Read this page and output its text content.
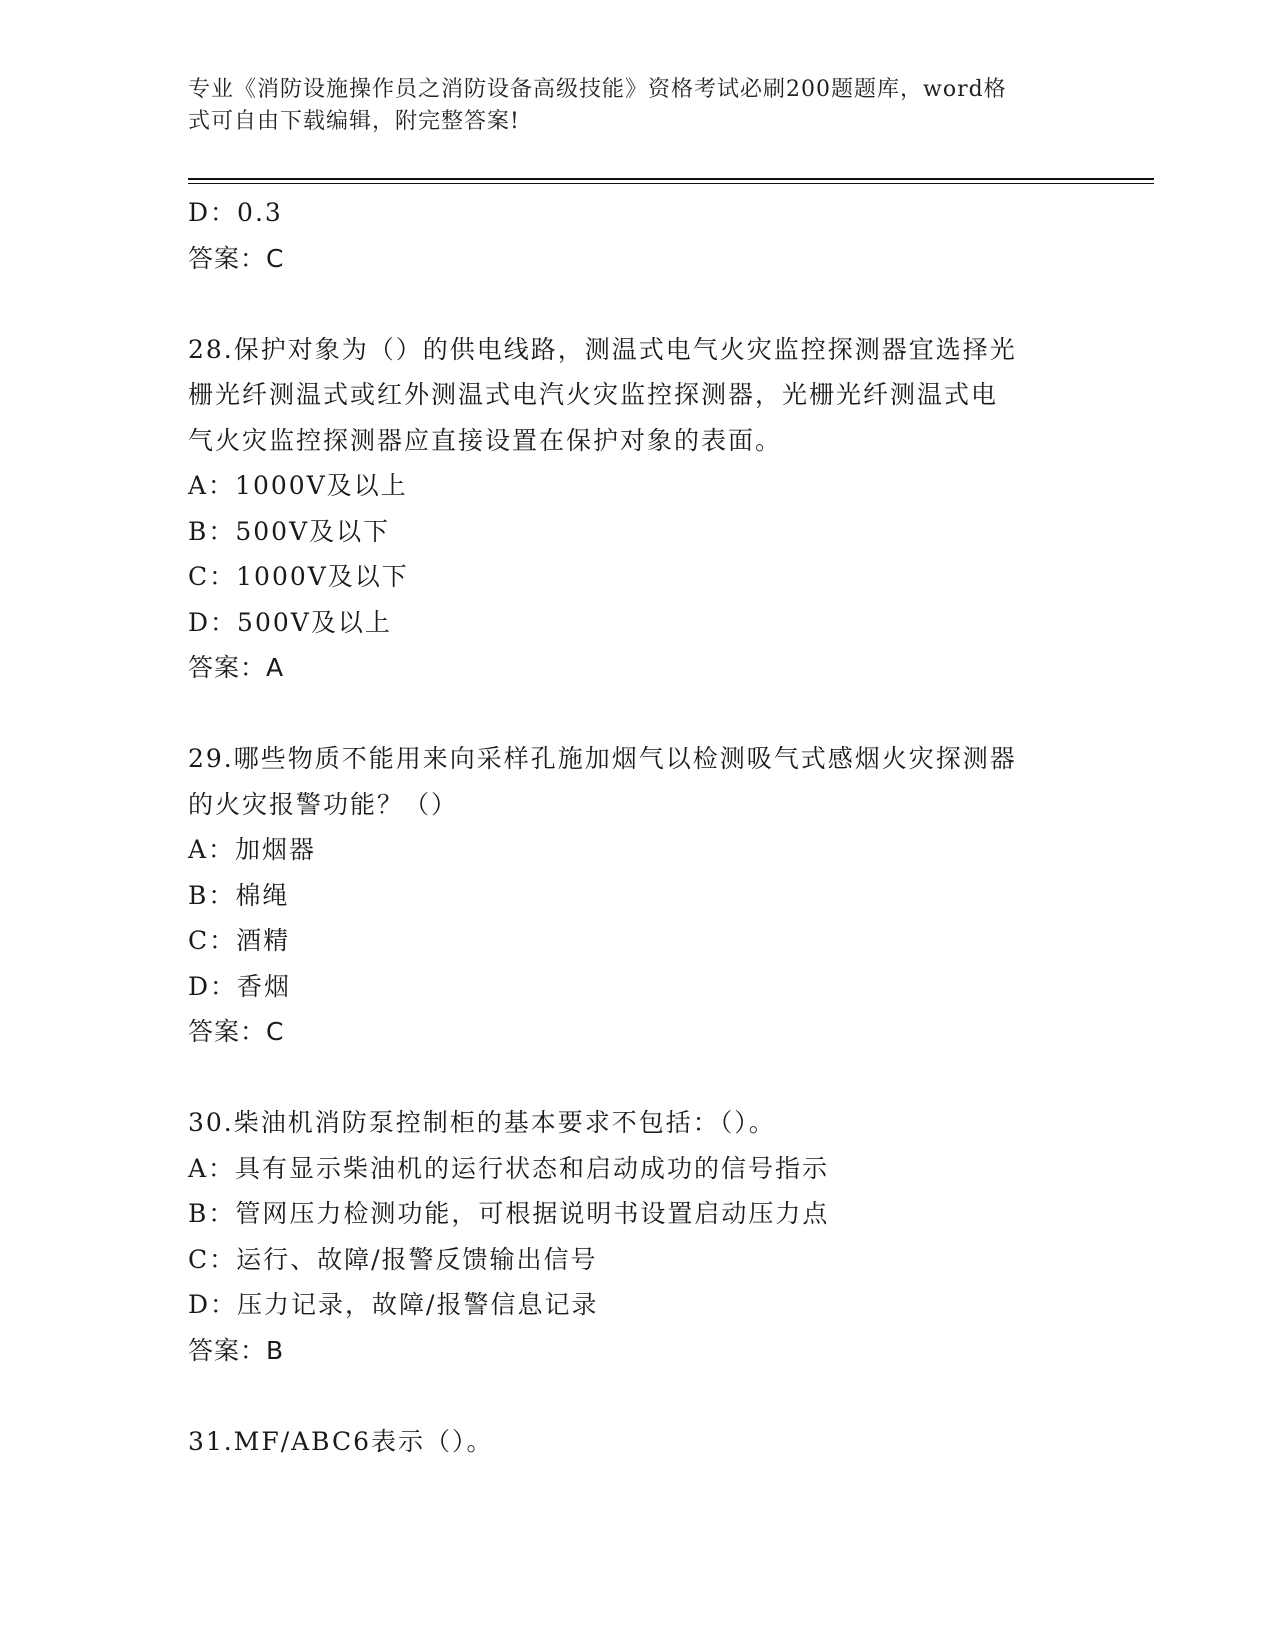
专业《消防设施操作员之消防设备高级技能》资格考试必刷200题题库，word格
式可自由下载编辑，附完整答案!
D：0.3
答案：C
28.保护对象为（）的供电线路，测温式电气火灾监控探测器宜选择光
栅光纤测温式或红外测温式电汽火灾监控探测器，光栅光纤测温式电
气火灾监控探测器应直接设置在保护对象的表面。
A：1000V及以上
B：500V及以下
C：1000V及以下
D：500V及以上
答案：A
29.哪些物质不能用来向采样孔施加烟气以检测吸气式感烟火灾探测器
的火灾报警功能？（）
A：加烟器
B：棉绳
C：酒精
D：香烟
答案：C
30.柴油机消防泵控制柜的基本要求不包括：（）。
A：具有显示柴油机的运行状态和启动成功的信号指示
B：管网压力检测功能，可根据说明书设置启动压力点
C：运行、故障/报警反馈输出信号
D：压力记录，故障/报警信息记录
答案：B
31.MF/ABC6表示（）。
